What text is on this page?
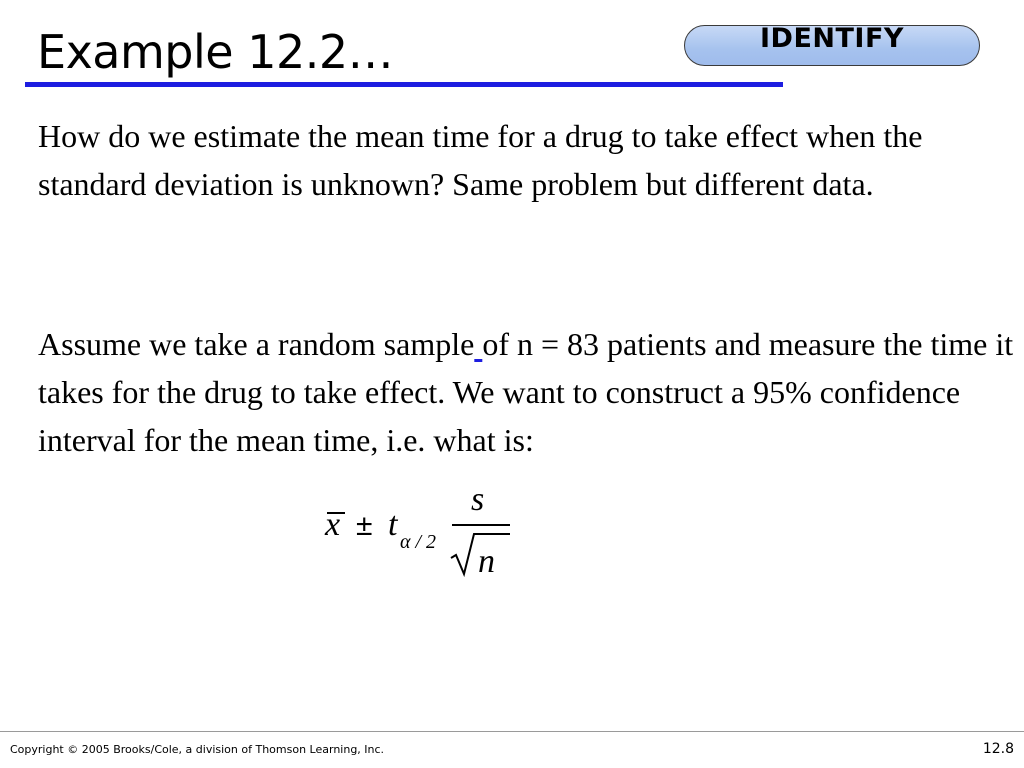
Example 12.2…	IDENTIFY

How do we estimate the mean time for a drug to take effect when the standard deviation is unknown? Same problem but different data.

Assume we take a random sample of n = 83 patients and measure the time it takes for the drug to take effect. We want to construct a 95% confidence interval for the mean time, i.e. what is:

x ± t α / 2
s
n
Copyright © 2005 Brooks/Cole, a division of Thomson Learning, Inc.	12.8
